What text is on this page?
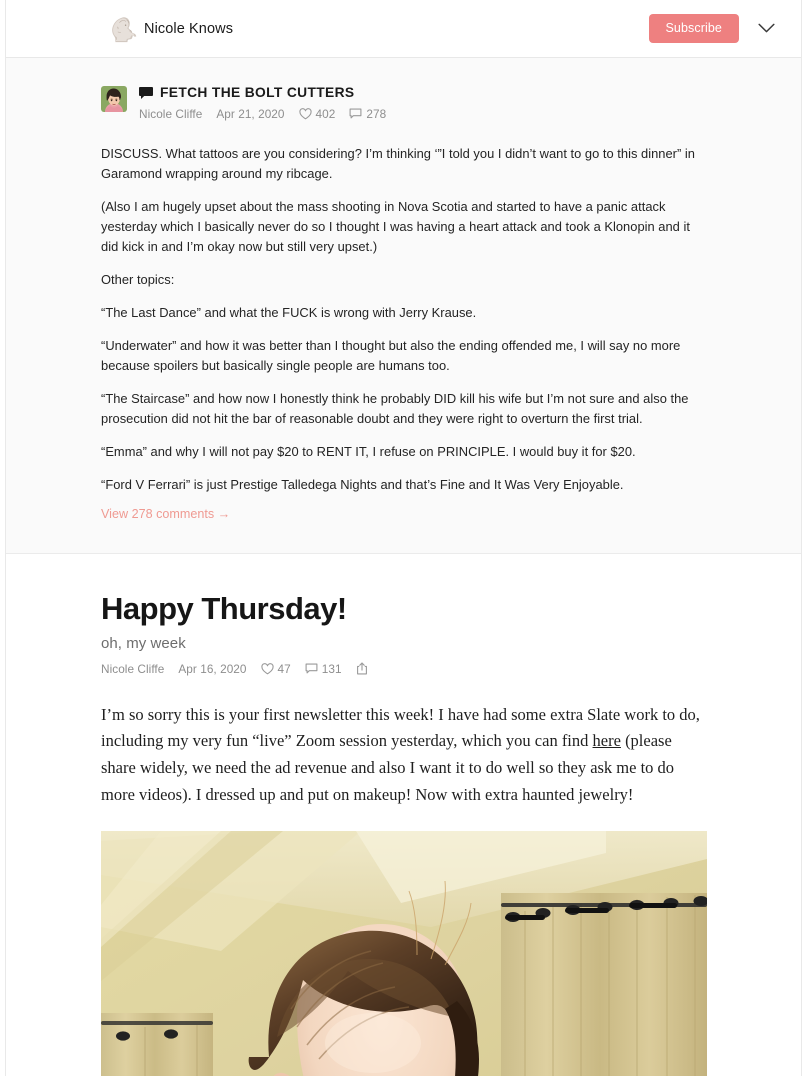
Nicole Knows	Subscribe
FETCH THE BOLT CUTTERS
Nicole Cliffe Apr 21, 2020	402	278

DISCUSS. What tattoos are you considering? I’m thinking ‘”I told you I didn’t want to go to this dinner” in Garamond wrapping around my ribcage.

(Also I am hugely upset about the mass shooting in Nova Scotia and started to have a panic attack yesterday which I basically never do so I thought I was having a heart attack and took a Klonopin and it did kick in and I’m okay now but still very upset.)

Other topics:

“The Last Dance” and what the FUCK is wrong with Jerry Krause.

“Underwater” and how it was better than I thought but also the ending offended me, I will say no more because spoilers but basically single people are humans too.

“The Staircase” and how now I honestly think he probably DID kill his wife but I’m not sure and also the prosecution did not hit the bar of reasonable doubt and they were right to overturn the first trial.

“Emma” and why I will not pay $20 to RENT IT, I refuse on PRINCIPLE. I would buy it for $20.

“Ford V Ferrari” is just Prestige Talledega Nights and that’s Fine and It Was Very Enjoyable.

View 278 comments →
Happy Thursday!
oh, my week
Nicole Cliffe Apr 16, 2020	47	131
I’m so sorry this is your first newsletter this week! I have had some extra Slate work to do, including my very fun “live” Zoom session yesterday, which you can find here (please share widely, we need the ad revenue and also I want it to do well so they ask me to do more videos). I dressed up and put on makeup! Now with extra haunted jewelry!
